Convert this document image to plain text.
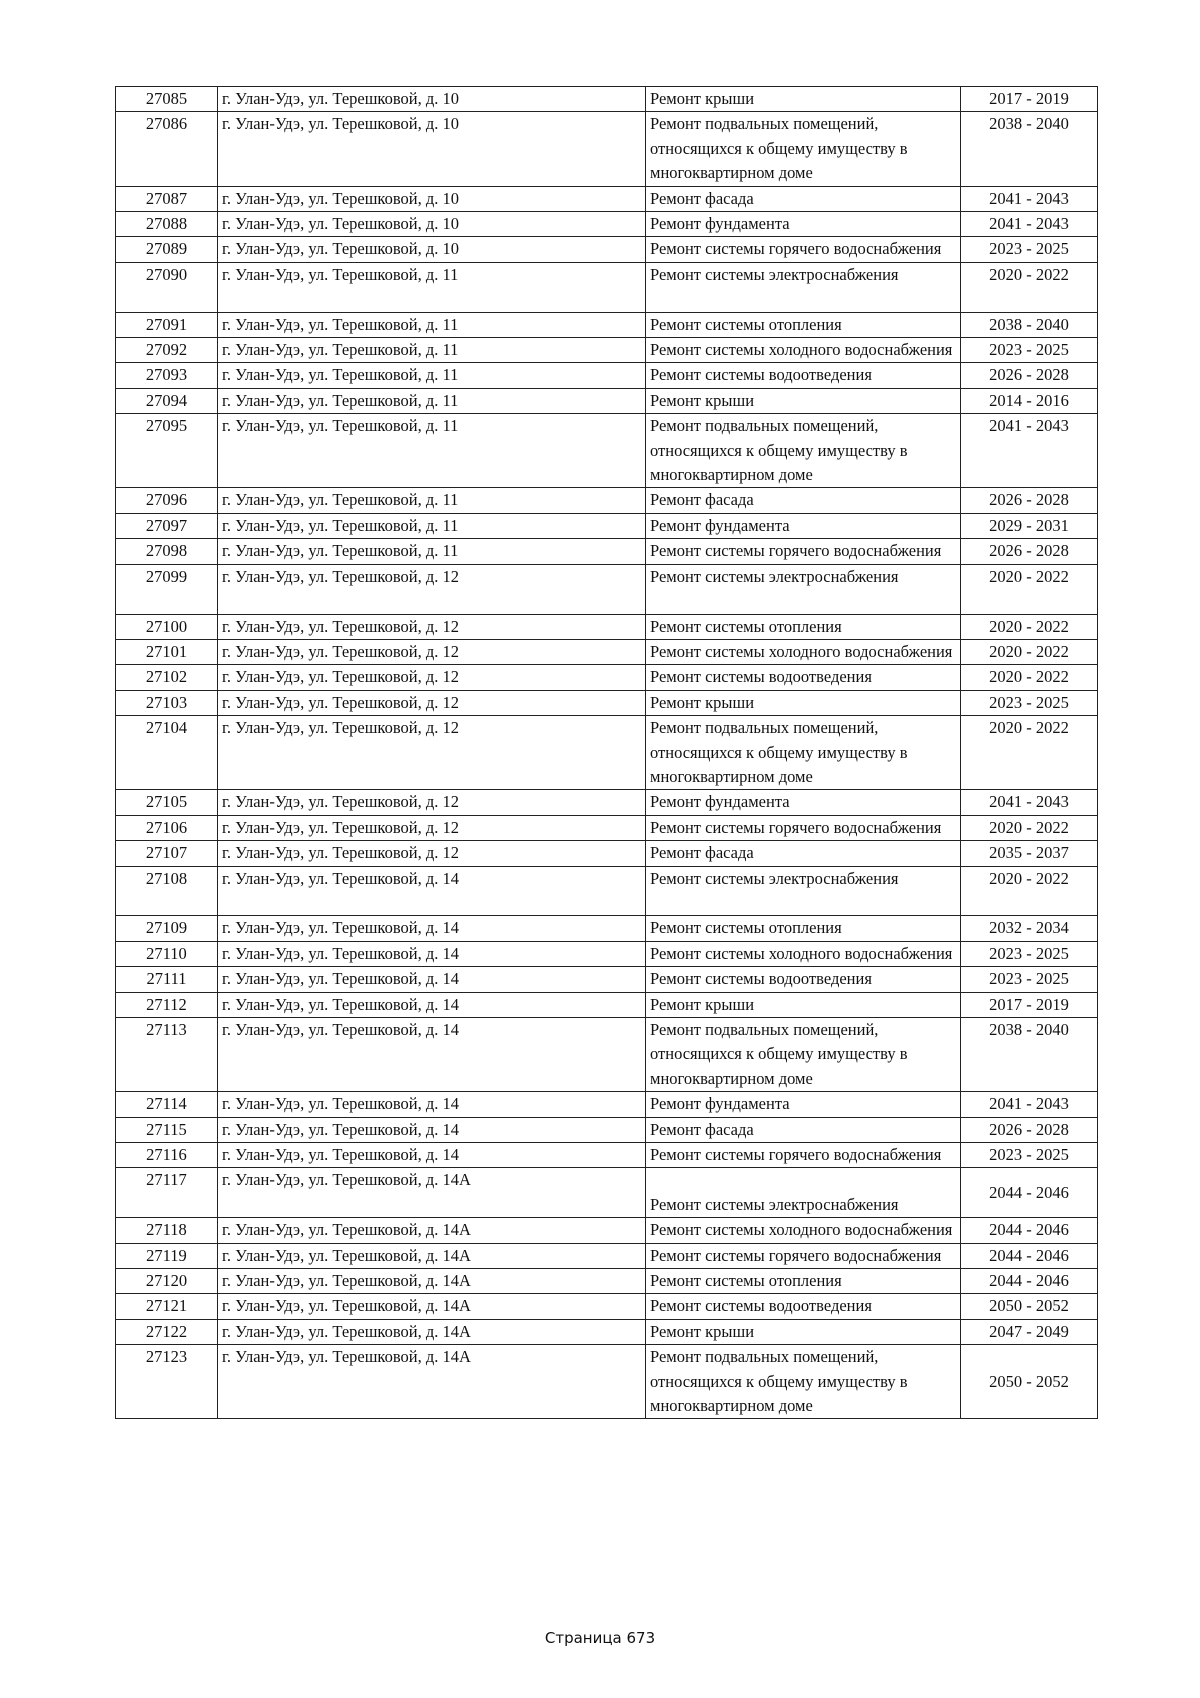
27085	г. Улан-Удэ, ул. Терешковой, д. 10	Ремонт крыши	2017 - 2019
27086	г. Улан-Удэ, ул. Терешковой, д. 10	Ремонт подвальных помещений, относящихся к общему имуществу в многоквартирном доме	2038 - 2040
27087	г. Улан-Удэ, ул. Терешковой, д. 10	Ремонт фасада	2041 - 2043
27088	г. Улан-Удэ, ул. Терешковой, д. 10	Ремонт фундамента	2041 - 2043
27089	г. Улан-Удэ, ул. Терешковой, д. 10	Ремонт системы горячего водоснабжения	2023 - 2025
27090	г. Улан-Удэ, ул. Терешковой, д. 11	Ремонт системы электроснабжения	2020 - 2022
27091	г. Улан-Удэ, ул. Терешковой, д. 11	Ремонт системы отопления	2038 - 2040
27092	г. Улан-Удэ, ул. Терешковой, д. 11	Ремонт системы холодного водоснабжения	2023 - 2025
27093	г. Улан-Удэ, ул. Терешковой, д. 11	Ремонт системы водоотведения	2026 - 2028
27094	г. Улан-Удэ, ул. Терешковой, д. 11	Ремонт крыши	2014 - 2016
27095	г. Улан-Удэ, ул. Терешковой, д. 11	Ремонт подвальных помещений, относящихся к общему имуществу в многоквартирном доме	2041 - 2043
27096	г. Улан-Удэ, ул. Терешковой, д. 11	Ремонт фасада	2026 - 2028
27097	г. Улан-Удэ, ул. Терешковой, д. 11	Ремонт фундамента	2029 - 2031
27098	г. Улан-Удэ, ул. Терешковой, д. 11	Ремонт системы горячего водоснабжения	2026 - 2028
27099	г. Улан-Удэ, ул. Терешковой, д. 12	Ремонт системы электроснабжения	2020 - 2022
27100	г. Улан-Удэ, ул. Терешковой, д. 12	Ремонт системы отопления	2020 - 2022
27101	г. Улан-Удэ, ул. Терешковой, д. 12	Ремонт системы холодного водоснабжения	2020 - 2022
27102	г. Улан-Удэ, ул. Терешковой, д. 12	Ремонт системы водоотведения	2020 - 2022
27103	г. Улан-Удэ, ул. Терешковой, д. 12	Ремонт крыши	2023 - 2025
27104	г. Улан-Удэ, ул. Терешковой, д. 12	Ремонт подвальных помещений, относящихся к общему имуществу в многоквартирном доме	2020 - 2022
27105	г. Улан-Удэ, ул. Терешковой, д. 12	Ремонт фундамента	2041 - 2043
27106	г. Улан-Удэ, ул. Терешковой, д. 12	Ремонт системы горячего водоснабжения	2020 - 2022
27107	г. Улан-Удэ, ул. Терешковой, д. 12	Ремонт фасада	2035 - 2037
27108	г. Улан-Удэ, ул. Терешковой, д. 14	Ремонт системы электроснабжения	2020 - 2022
27109	г. Улан-Удэ, ул. Терешковой, д. 14	Ремонт системы отопления	2032 - 2034
27110	г. Улан-Удэ, ул. Терешковой, д. 14	Ремонт системы холодного водоснабжения	2023 - 2025
27111	г. Улан-Удэ, ул. Терешковой, д. 14	Ремонт системы водоотведения	2023 - 2025
27112	г. Улан-Удэ, ул. Терешковой, д. 14	Ремонт крыши	2017 - 2019
27113	г. Улан-Удэ, ул. Терешковой, д. 14	Ремонт подвальных помещений, относящихся к общему имуществу в многоквартирном доме	2038 - 2040
27114	г. Улан-Удэ, ул. Терешковой, д. 14	Ремонт фундамента	2041 - 2043
27115	г. Улан-Удэ, ул. Терешковой, д. 14	Ремонт фасада	2026 - 2028
27116	г. Улан-Удэ, ул. Терешковой, д. 14	Ремонт системы горячего водоснабжения	2023 - 2025
27117	г. Улан-Удэ, ул. Терешковой, д. 14А	Ремонт системы электроснабжения	2044 - 2046
27118	г. Улан-Удэ, ул. Терешковой, д. 14А	Ремонт системы холодного водоснабжения	2044 - 2046
27119	г. Улан-Удэ, ул. Терешковой, д. 14А	Ремонт системы горячего водоснабжения	2044 - 2046
27120	г. Улан-Удэ, ул. Терешковой, д. 14А	Ремонт системы отопления	2044 - 2046
27121	г. Улан-Удэ, ул. Терешковой, д. 14А	Ремонт системы водоотведения	2050 - 2052
27122	г. Улан-Удэ, ул. Терешковой, д. 14А	Ремонт крыши	2047 - 2049
27123	г. Улан-Удэ, ул. Терешковой, д. 14А	Ремонт подвальных помещений, относящихся к общему имуществу в многоквартирном доме	2050 - 2052
Страница 673
